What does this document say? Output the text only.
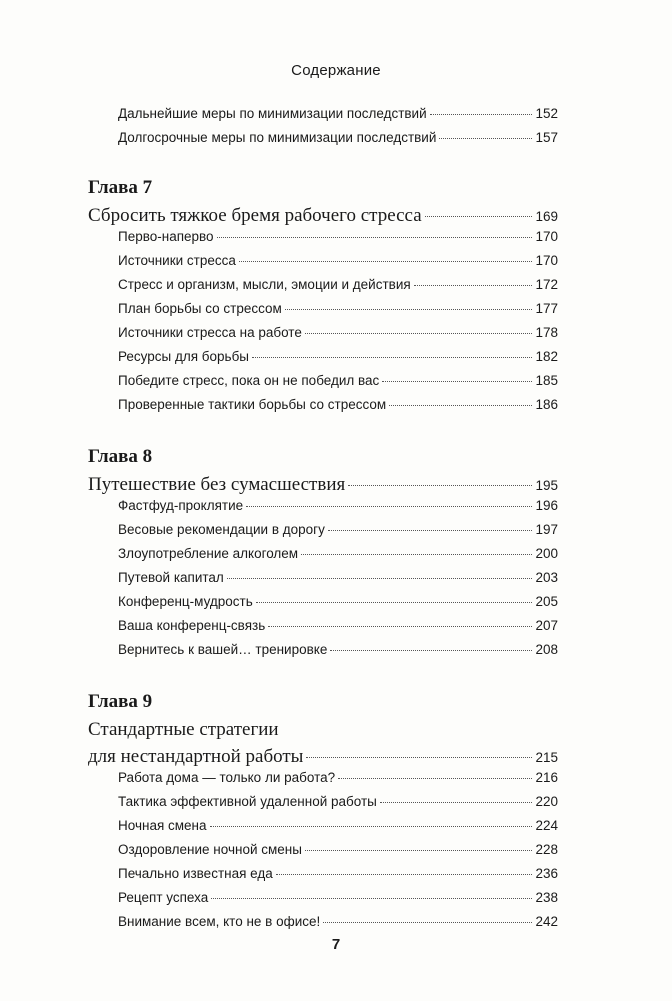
Содержание
Дальнейшие меры по минимизации последствий	152
Долгосрочные меры по минимизации последствий	157
Глава 7
Сбросить тяжкое бремя рабочего стресса	169
Перво-наперво	170
Источники стресса	170
Стресс и организм, мысли, эмоции и действия	172
План борьбы со стрессом	177
Источники стресса на работе	178
Ресурсы для борьбы	182
Победите стресс, пока он не победил вас	185
Проверенные тактики борьбы со стрессом	186
Глава 8
Путешествие без сумасшествия	195
Фастфуд-проклятие	196
Весовые рекомендации в дорогу	197
Злоупотребление алкоголем	200
Путевой капитал	203
Конференц-мудрость	205
Ваша конференц-связь	207
Вернитесь к вашей… тренировке	208
Глава 9
Стандартные стратегии
для нестандартной работы	215
Работа дома — только ли работа?	216
Тактика эффективной удаленной работы	220
Ночная смена	224
Оздоровление ночной смены	228
Печально известная еда	236
Рецепт успеха	238
Внимание всем, кто не в офисе!	242
7
